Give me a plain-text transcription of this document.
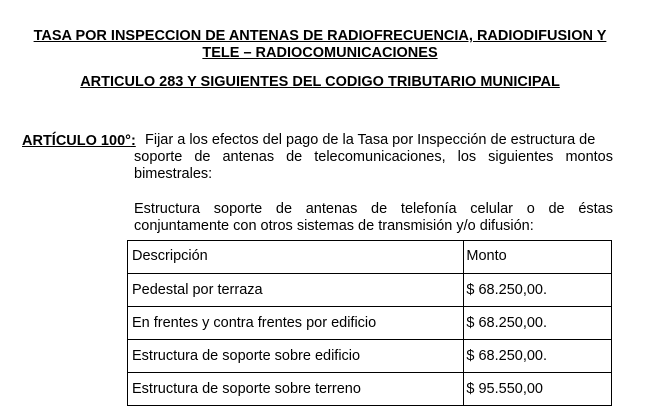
TASA POR INSPECCION DE ANTENAS DE RADIOFRECUENCIA, RADIODIFUSION Y
TELE – RADIOCOMUNICACIONES
ARTICULO 283 Y SIGUIENTES DEL CODIGO TRIBUTARIO MUNICIPAL
ARTÍCULO 100°: Fijar a los efectos del pago de la Tasa por Inspección de estructura de
soporte de antenas de telecomunicaciones, los siguientes montos bimestrales:
Estructura soporte de antenas de telefonía celular o de éstas conjuntamente con otros sistemas de transmisión y/o difusión:
Descripción	Monto
Pedestal por terraza	$ 68.250,00.
En frentes y contra frentes por edificio	$ 68.250,00.
Estructura de soporte sobre edificio	$ 68.250,00.
Estructura de soporte sobre terreno	$ 95.550,00
